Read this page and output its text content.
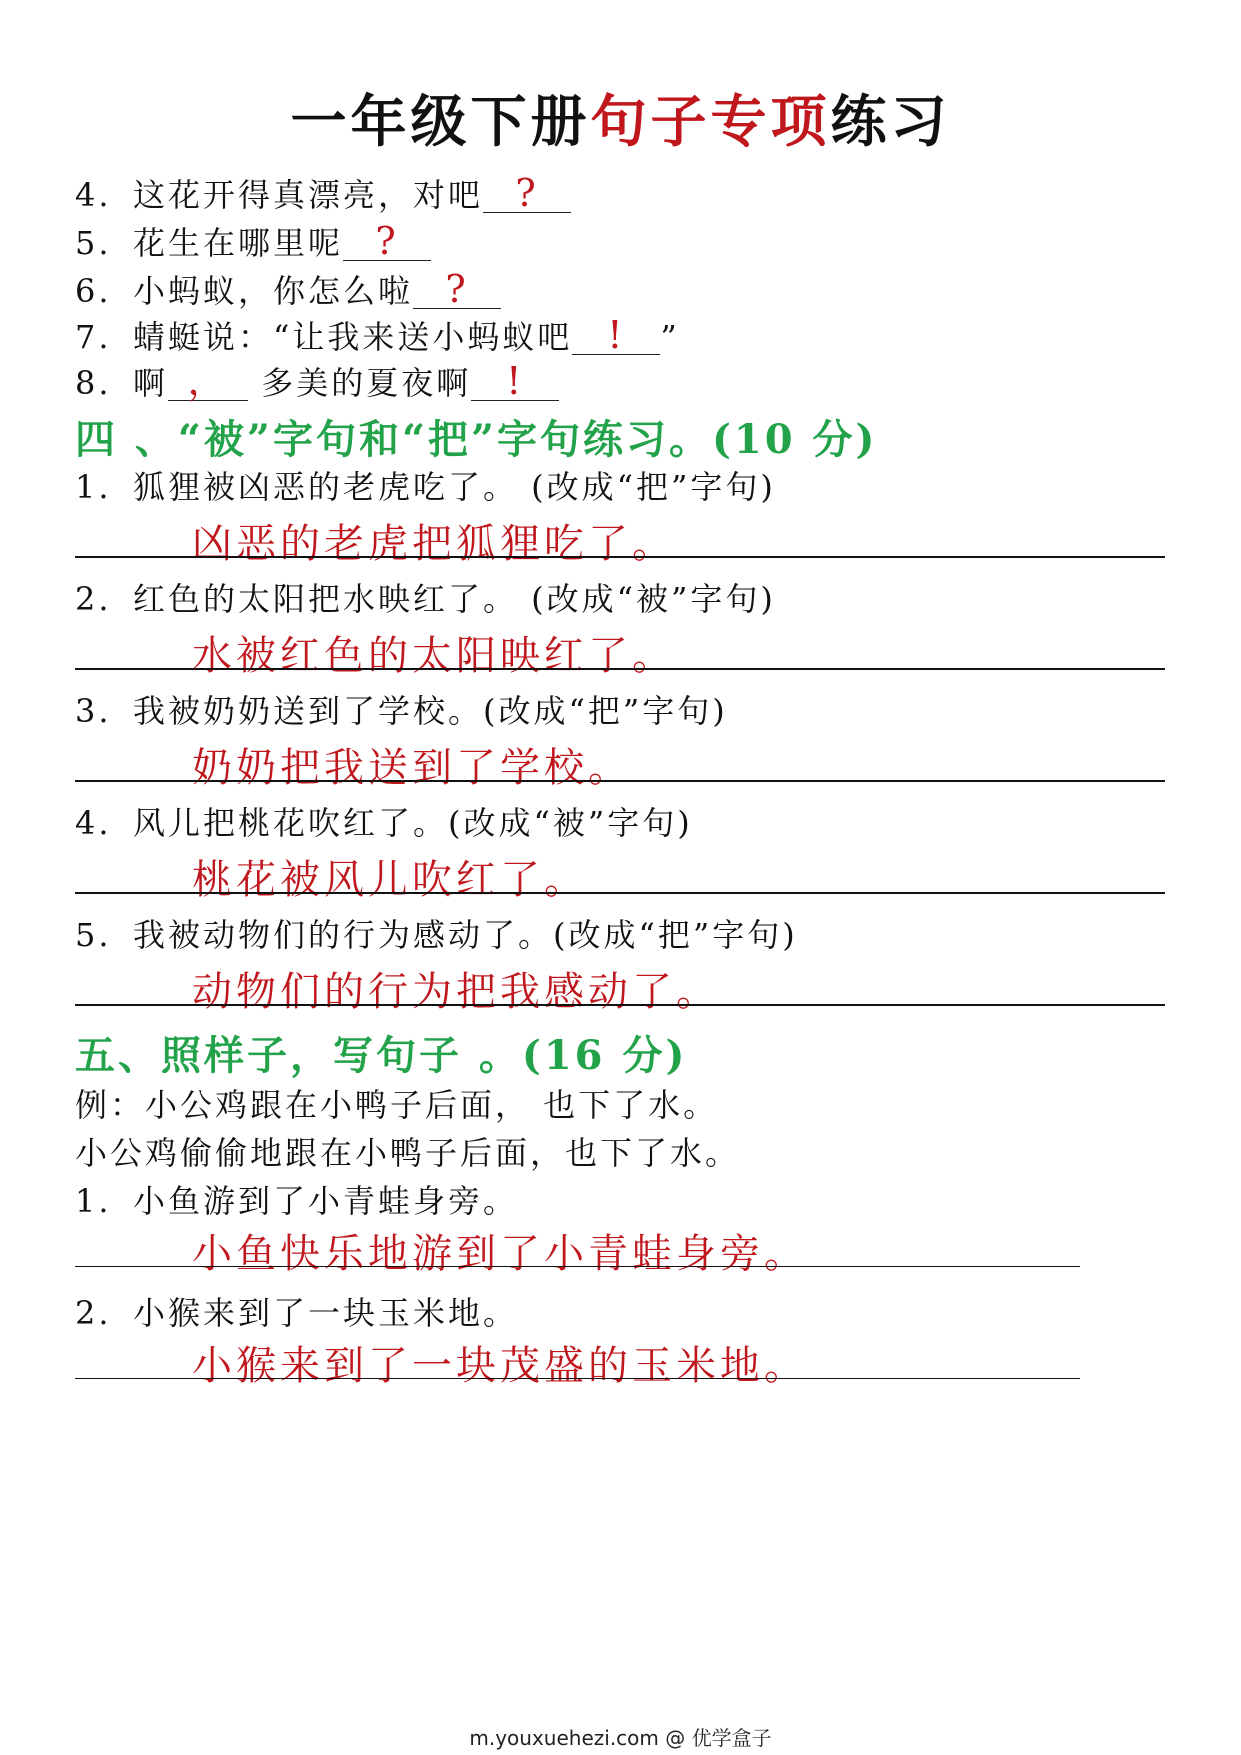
一年级下册句子专项练习
4. 这花开得真漂亮，对吧 ?
5. 花生在哪里呢 ?
6. 小蚂蚁，你怎么啦 ?
7. 蜻蜓说：“让我来送小蚂蚁吧 ! ”
8. 啊 ， 多美的夏夜啊 !
四 、“被”字句和“把”字句练习。(10 分)
1. 狐狸被凶恶的老虎吃了。 (改成“把”字句)
凶恶的老虎把狐狸吃了。
2. 红色的太阳把水映红了。 (改成“被”字句)
水被红色的太阳映红了。
3. 我被奶奶送到了学校。(改成“把”字句)
奶奶把我送到了学校。
4. 风儿把桃花吹红了。(改成“被”字句)
桃花被风儿吹红了。
5. 我被动物们的行为感动了。(改成“把”字句)
动物们的行为把我感动了。
五、照样子，写句子 。(16 分)
例：小公鸡跟在小鸭子后面， 也下了水。
小公鸡偷偷地跟在小鸭子后面，也下了水。
1. 小鱼游到了小青蛙身旁。
小鱼快乐地游到了小青蛙身旁。
2. 小猴来到了一块玉米地。
小猴来到了一块茂盛的玉米地。
m.youxuehezi.com @ 优学盒子
